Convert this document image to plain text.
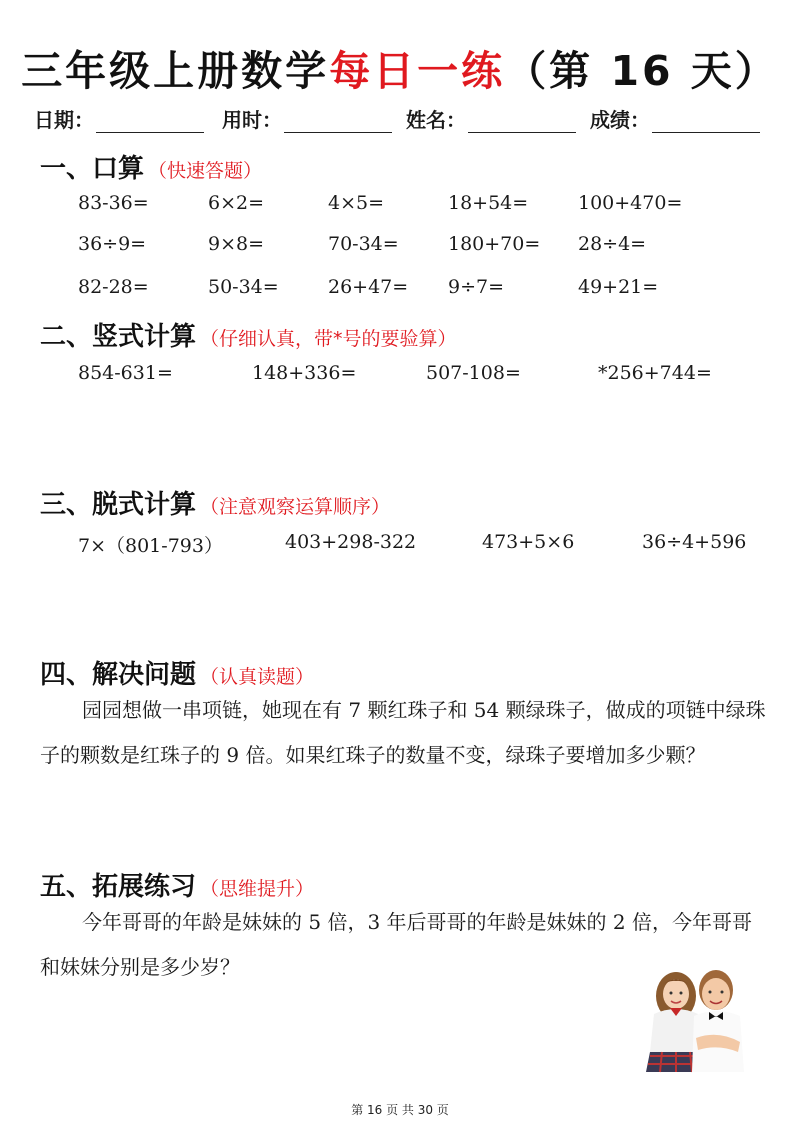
三年级上册数学每日一练（第 16 天）
日期：	用时：	姓名：	成绩：
一、口算 （快速答题）
83-36=	6×2=	4×5=	18+54=	100+470=
36÷9=	9×8=	70-34=	180+70= 28÷4=
82-28=	50-34=	26+47= 9÷7=	49+21=
二、竖式计算 （仔细认真，带*号的要验算）
854-631=	148+336=	507-108=	*256+744=
三、脱式计算 （注意观察运算顺序）
7×（801-793）	403+298-322	473+5×6	36÷4+596
四、解决问题 （认真读题）
园园想做一串项链，她现在有 7 颗红珠子和 54 颗绿珠子，做成的项链中绿珠子的颗数是红珠子的 9 倍。如果红珠子的数量不变，绿珠子要增加多少颗？
五、拓展练习 （思维提升）
今年哥哥的年龄是妹妹的 5 倍，3 年后哥哥的年龄是妹妹的 2 倍，今年哥哥和妹妹分别是多少岁？
第 16 页 共 30 页
